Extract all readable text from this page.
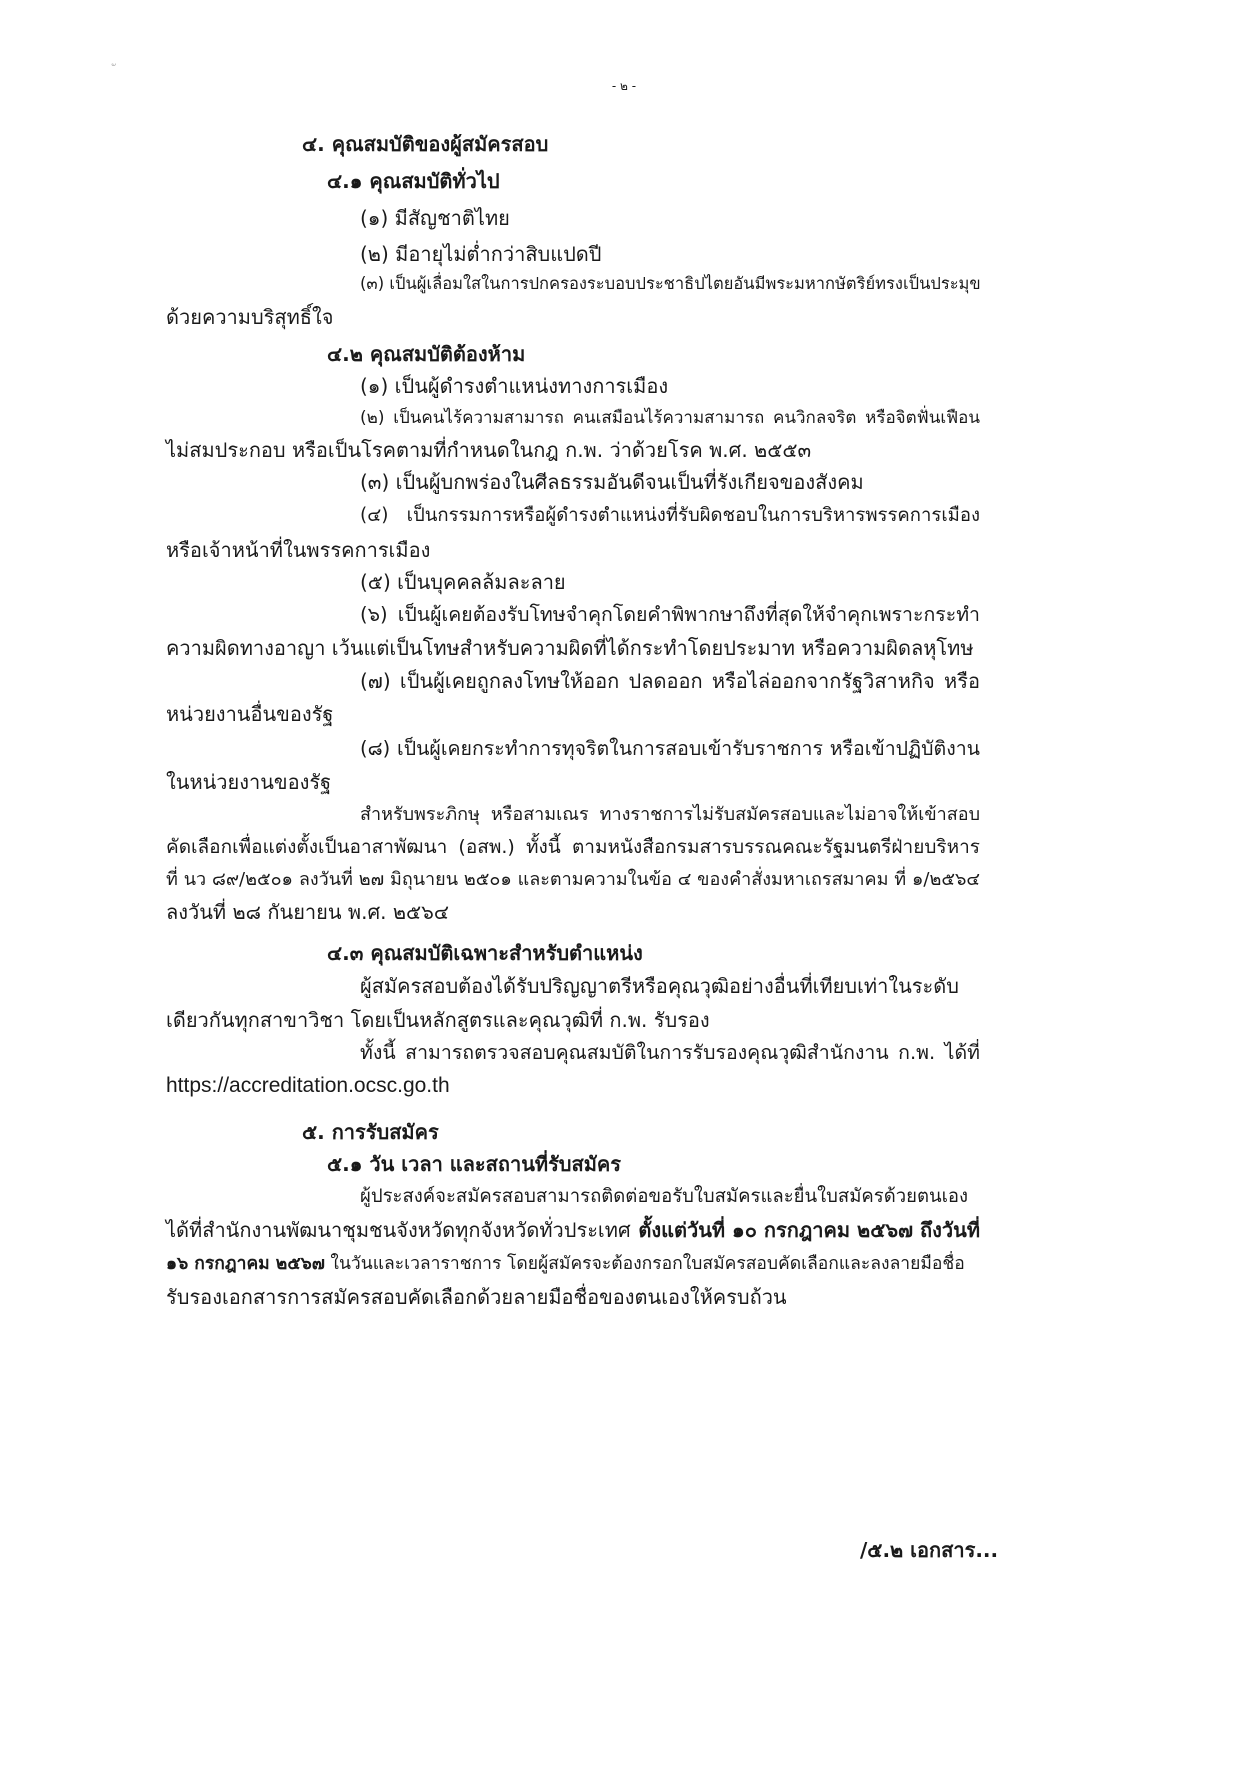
- ๒ -
๔. คุณสมบัติของผู้สมัครสอบ
๔.๑ คุณสมบัติทั่วไป
(๑) มีสัญชาติไทย
(๒) มีอายุไม่ต่ำกว่าสิบแปดปี
(๓) เป็นผู้เลื่อมใสในการปกครองระบอบประชาธิปไตยอันมีพระมหากษัตริย์ทรงเป็นประมุข
ด้วยความบริสุทธิ์ใจ
๔.๒ คุณสมบัติต้องห้าม
(๑) เป็นผู้ดำรงตำแหน่งทางการเมือง
(๒) เป็นคนไร้ความสามารถ คนเสมือนไร้ความสามารถ คนวิกลจริต หรือจิตฟั่นเฟือน
ไม่สมประกอบ หรือเป็นโรคตามที่กำหนดในกฎ ก.พ. ว่าด้วยโรค พ.ศ. ๒๕๕๓
(๓) เป็นผู้บกพร่องในศีลธรรมอันดีจนเป็นที่รังเกียจของสังคม
(๔) เป็นกรรมการหรือผู้ดำรงตำแหน่งที่รับผิดชอบในการบริหารพรรคการเมือง
หรือเจ้าหน้าที่ในพรรคการเมือง
(๕) เป็นบุคคลล้มละลาย
(๖) เป็นผู้เคยต้องรับโทษจำคุกโดยคำพิพากษาถึงที่สุดให้จำคุกเพราะกระทำ
ความผิดทางอาญา เว้นแต่เป็นโทษสำหรับความผิดที่ได้กระทำโดยประมาท หรือความผิดลหุโทษ
(๗) เป็นผู้เคยถูกลงโทษให้ออก ปลดออก หรือไล่ออกจากรัฐวิสาหกิจ หรือ
หน่วยงานอื่นของรัฐ
(๘) เป็นผู้เคยกระทำการทุจริตในการสอบเข้ารับราชการ หรือเข้าปฏิบัติงาน
ในหน่วยงานของรัฐ
สำหรับพระภิกษุ หรือสามเณร ทางราชการไม่รับสมัครสอบและไม่อาจให้เข้าสอบ
คัดเลือกเพื่อแต่งตั้งเป็นอาสาพัฒนา (อสพ.) ทั้งนี้ ตามหนังสือกรมสารบรรณคณะรัฐมนตรีฝ่ายบริหาร
ที่ นว ๘๙/๒๕๐๑ ลงวันที่ ๒๗ มิถุนายน ๒๕๐๑ และตามความในข้อ ๔ ของคำสั่งมหาเถรสมาคม ที่ ๑/๒๕๖๔
ลงวันที่ ๒๘ กันยายน พ.ศ. ๒๕๖๔
๔.๓ คุณสมบัติเฉพาะสำหรับตำแหน่ง
ผู้สมัครสอบต้องได้รับปริญญาตรีหรือคุณวุฒิอย่างอื่นที่เทียบเท่าในระดับ
เดียวกันทุกสาขาวิชา โดยเป็นหลักสูตรและคุณวุฒิที่ ก.พ. รับรอง
ทั้งนี้ สามารถตรวจสอบคุณสมบัติในการรับรองคุณวุฒิสำนักงาน ก.พ. ได้ที่
https://accreditation.ocsc.go.th
๕. การรับสมัคร
๕.๑ วัน เวลา และสถานที่รับสมัคร
ผู้ประสงค์จะสมัครสอบสามารถติดต่อขอรับใบสมัครและยื่นใบสมัครด้วยตนเอง
ได้ที่สำนักงานพัฒนาชุมชนจังหวัดทุกจังหวัดทั่วประเทศ ตั้งแต่วันที่ ๑๐ กรกฎาคม ๒๕๖๗ ถึงวันที่
๑๖ กรกฎาคม ๒๕๖๗ ในวันและเวลาราชการ โดยผู้สมัครจะต้องกรอกใบสมัครสอบคัดเลือกและลงลายมือชื่อ
รับรองเอกสารการสมัครสอบคัดเลือกด้วยลายมือชื่อของตนเองให้ครบถ้วน
/๕.๒ เอกสาร...
